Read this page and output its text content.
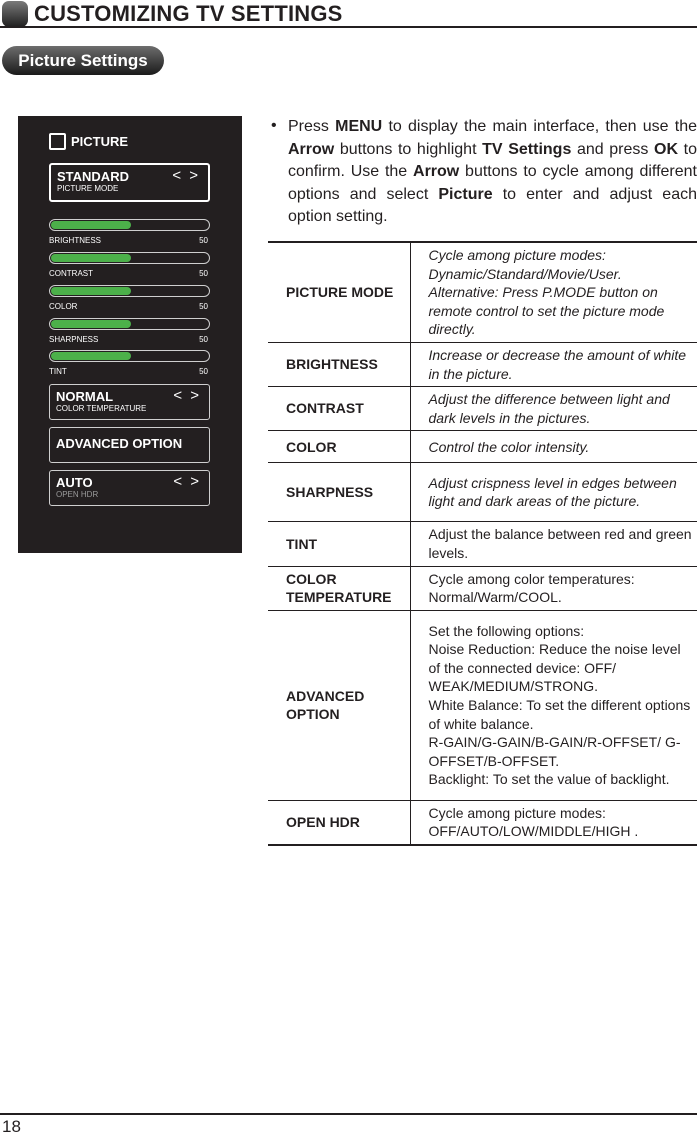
CUSTOMIZING TV SETTINGS
Picture Settings
PICTURE
STANDARD
PICTURE MODE
< >
BRIGHTNESS	50
CONTRAST	50
COLOR	50
SHARPNESS	50
TINT	50
NORMAL
COLOR TEMPERATURE
< >
ADVANCED OPTION
AUTO
OPEN HDR
< >
• Press MENU to display the main interface, then use the Arrow buttons to highlight TV Settings and press OK to confirm. Use the Arrow buttons to cycle among different options and select Picture to enter and adjust each option setting.
PICTURE MODE	Cycle among picture modes: Dynamic/Standard/Movie/User. Alternative: Press P.MODE button on remote control to set the picture mode directly.
BRIGHTNESS	Increase or decrease the amount of white in the picture.
CONTRAST	Adjust the difference between light and dark levels in the pictures.
COLOR	Control the color intensity.
SHARPNESS	Adjust crispness level in edges between light and dark areas of the picture.
TINT	Adjust the balance between red and green levels.
COLOR TEMPERATURE	Cycle among color temperatures: Normal/Warm/COOL.
ADVANCED OPTION	Set the following options:
Noise Reduction: Reduce the noise level of the connected device: OFF/ WEAK/MEDIUM/STRONG.
White Balance: To set the different options of white balance.
R-GAIN/G-GAIN/B-GAIN/R-OFFSET/ G-OFFSET/B-OFFSET.
Backlight: To set the value of backlight.

OPEN HDR	Cycle among picture modes: OFF/AUTO/LOW/MIDDLE/HIGH .
18
